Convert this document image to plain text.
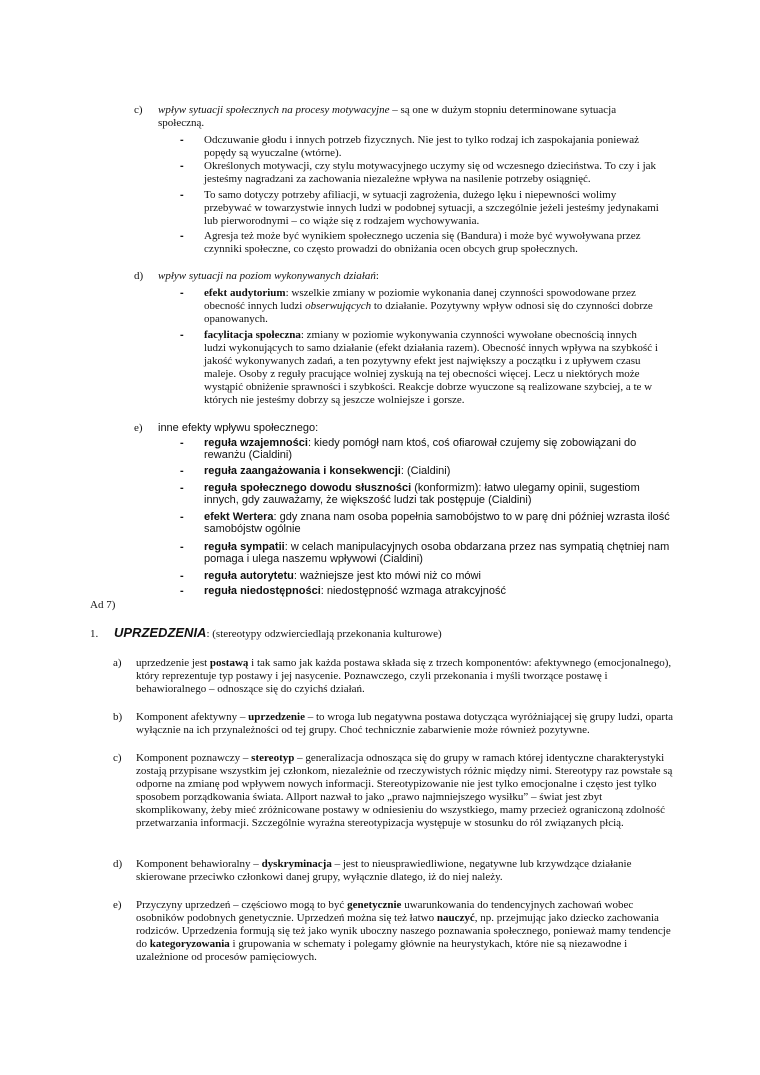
c) wpływ sytuacji społecznych na procesy motywacyjne – są one w dużym stopniu determinowane sytuacja społeczną.
-	Odczuwanie głodu i innych potrzeb fizycznych. Nie jest to tylko rodzaj ich zaspokajania ponieważ popędy są wyuczalne (wtórne).
-	Określonych motywacji, czy stylu motywacyjnego uczymy się od wczesnego dzieciństwa. To czy i jak jesteśmy nagradzani za zachowania niezależne wpływa na nasilenie potrzeby osiągnięć.
-	To samo dotyczy potrzeby afiliacji, w sytuacji zagrożenia, dużego lęku i niepewności wolimy przebywać w towarzystwie innych ludzi w podobnej sytuacji, a szczególnie jeżeli jesteśmy jedynakami lub pierworodnymi – co wiąże się z rodzajem wychowywania.
-	Agresja też może być wynikiem społecznego uczenia się (Bandura) i może być wywoływana przez czynniki społeczne, co często prowadzi do obniżania ocen obcych grup społecznych.
d) wpływ sytuacji na poziom wykonywanych działań:
-	efekt audytorium: wszelkie zmiany w poziomie wykonania danej czynności spowodowane przez obecność innych ludzi obserwujących to działanie. Pozytywny wpływ odnosi się do czynności dobrze opanowanych.
-	facylitacja społeczna: zmiany w poziomie wykonywania czynności wywołane obecnością innych ludzi wykonujących to samo działanie (efekt działania razem). Obecność innych wpływa na szybkość i jakość wykonywanych zadań, a ten pozytywny efekt jest największy a początku i z upływem czasu maleje. Osoby z reguły pracujące wolniej zyskują na tej obecności więcej. Lecz u niektórych może wystąpić obniżenie sprawności i szybkości. Reakcje dobrze wyuczone są realizowane szybciej, a te w których nie jesteśmy dobrzy są jeszcze wolniejsze i gorsze.
e) inne efekty wpływu społecznego:
-	reguła wzajemności: kiedy pomógł nam ktoś, coś ofiarował czujemy się zobowiązani do rewanżu (Cialdini)
-	reguła zaangażowania i konsekwencji: (Cialdini)
-	reguła społecznego dowodu słuszności (konformizm): łatwo ulegamy opinii, sugestiom innych, gdy zauważamy, że większość ludzi tak postępuje (Cialdini)
-	efekt Wertera: gdy znana nam osoba popełnia samobójstwo to w parę dni później wzrasta ilość samobójstw ogólnie
-	reguła sympatii: w celach manipulacyjnych osoba obdarzana przez nas sympatią chętniej nam pomaga i ulega naszemu wpływowi (Cialdini)
-	reguła autorytetu: ważniejsze jest kto mówi niż co mówi
-	reguła niedostępności: niedostępność wzmaga atrakcyjność
Ad 7)
1. UPRZEDZENIA: (stereotypy odzwierciedlają przekonania kulturowe)
a) uprzedzenie jest postawą i tak samo jak każda postawa składa się z trzech komponentów: afektywnego (emocjonalnego), który reprezentuje typ postawy i jej nasycenie. Poznawczego, czyli przekonania i myśli tworzące postawę i behawioralnego – odnoszące się do czyichś działań.
b) Komponent afektywny – uprzedzenie – to wroga lub negatywna postawa dotycząca wyróżniającej się grupy ludzi, oparta wyłącznie na ich przynależności od tej grupy. Choć technicznie zabarwienie może również pozytywne.
c) Komponent poznawczy – stereotyp – generalizacja odnosząca się do grupy w ramach której identyczne charakterystyki zostają przypisane wszystkim jej członkom, niezależnie od rzeczywistych różnic między nimi. Stereotypy raz powstałe są odporne na zmianę pod wpływem nowych informacji. Stereotypizowanie nie jest tylko emocjonalne i często jest tylko sposobem porządkowania świata. Allport nazwał to jako „prawo najmniejszego wysiłku” – świat jest zbyt skomplikowany, żeby mieć zróżnicowane postawy w odniesieniu do wszystkiego, mamy przecież ograniczoną zdolność przetwarzania informacji. Szczególnie wyraźna stereotypizacja występuje w stosunku do ról związanych płcią.
d) Komponent behawioralny – dyskryminacja – jest to nieusprawiedliwione, negatywne lub krzywdzące działanie skierowane przeciwko członkowi danej grupy, wyłącznie dlatego, iż do niej należy.
e) Przyczyny uprzedzeń – częściowo mogą to być genetycznie uwarunkowania do tendencyjnych zachowań wobec osobników podobnych genetycznie. Uprzedzeń można się też łatwo nauczyć, np. przejmując jako dziecko zachowania rodziców. Uprzedzenia formują się też jako wynik uboczny naszego poznawania społecznego, ponieważ mamy tendencje do kategoryzowania i grupowania w schematy i polegamy głównie na heurystykach, które nie są niezawodne i uzależnione od procesów pamięciowych.
